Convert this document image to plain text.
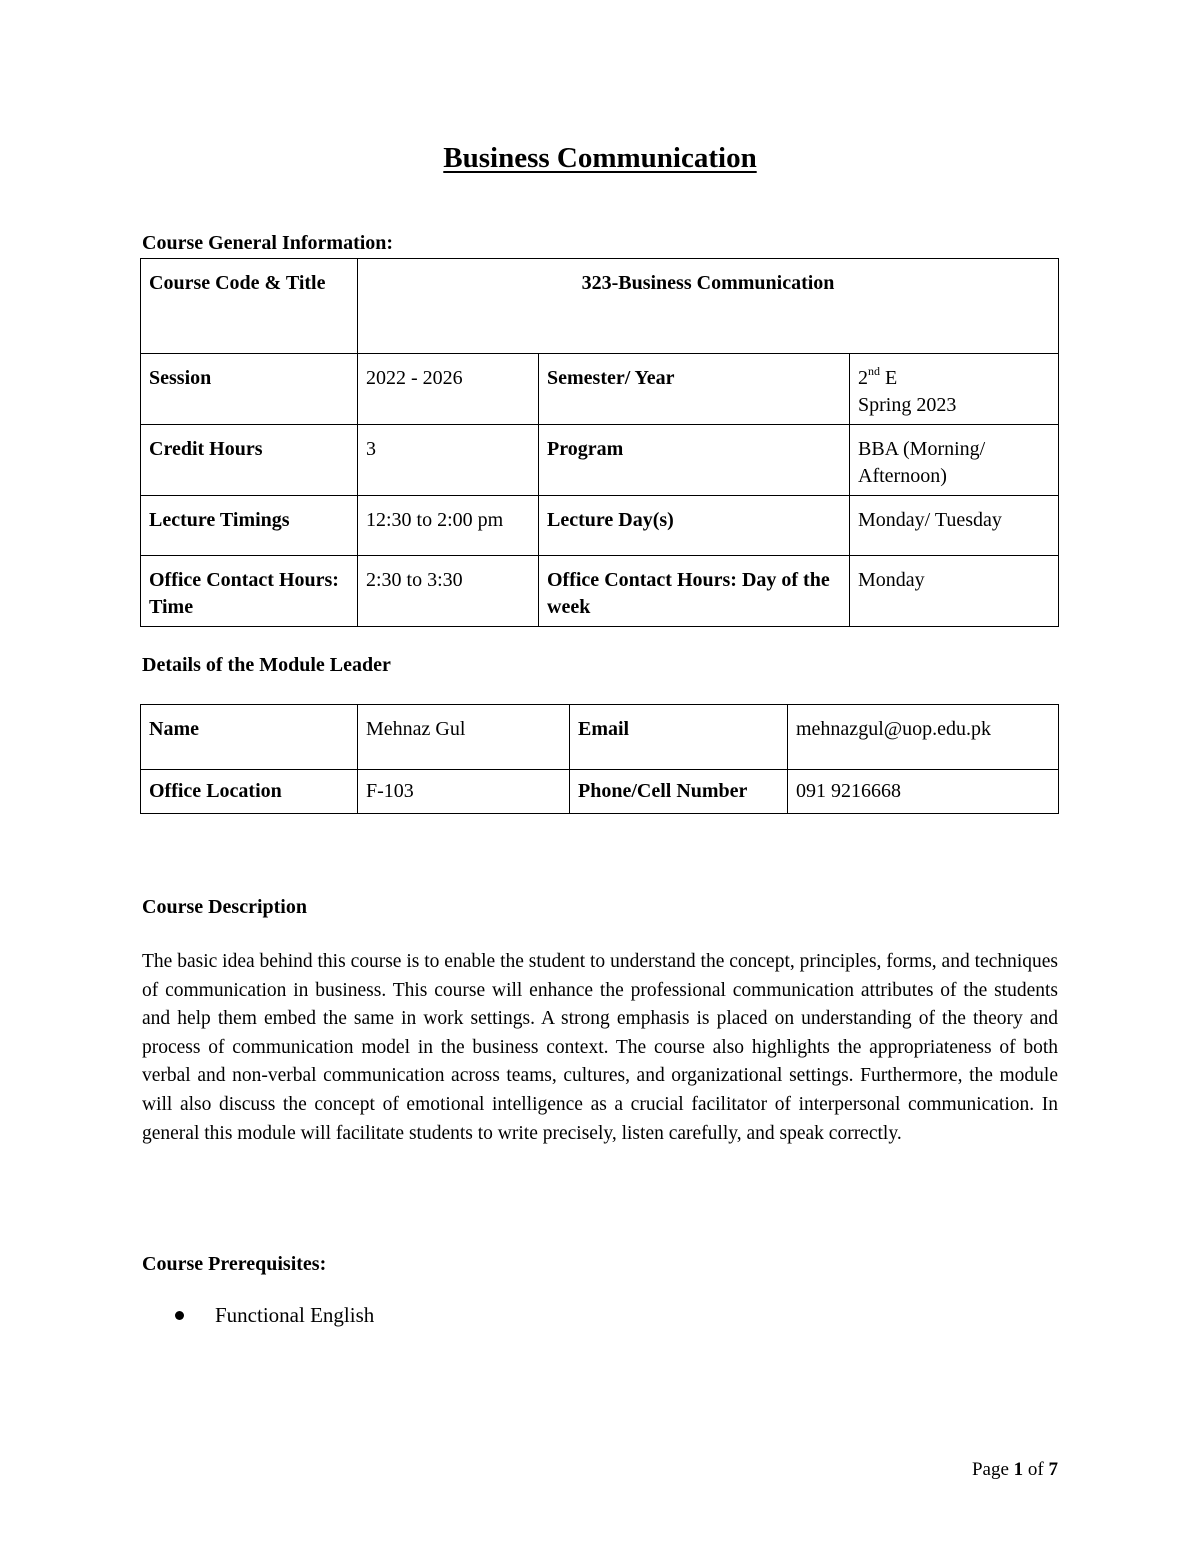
Business Communication
Course General Information:
Course Code & Title	323-Business Communication		
Session	2022 - 2026	Semester/ Year	2nd E
Spring 2023
Credit Hours	3	Program	BBA (Morning/ Afternoon)
Lecture Timings	12:30 to 2:00 pm	Lecture Day(s)	Monday/ Tuesday
Office Contact Hours: Time	2:30 to 3:30	Office Contact Hours: Day of the week	Monday
Details of the Module Leader
Name	Mehnaz Gul	Email	mehnazgul@uop.edu.pk
Office Location	F-103	Phone/Cell Number	091 9216668
Course Description
The basic idea behind this course is to enable the student to understand the concept, principles, forms, and techniques of communication in business. This course will enhance the professional communication attributes of the students and help them embed the same in work settings. A strong emphasis is placed on understanding of the theory and process of communication model in the business context. The course also highlights the appropriateness of both verbal and non-verbal communication across teams, cultures, and organizational settings. Furthermore, the module will also discuss the concept of emotional intelligence as a crucial facilitator of interpersonal communication. In general this module will facilitate students to write precisely, listen carefully, and speak correctly.
Course Prerequisites:
Functional English
Page 1 of 7
